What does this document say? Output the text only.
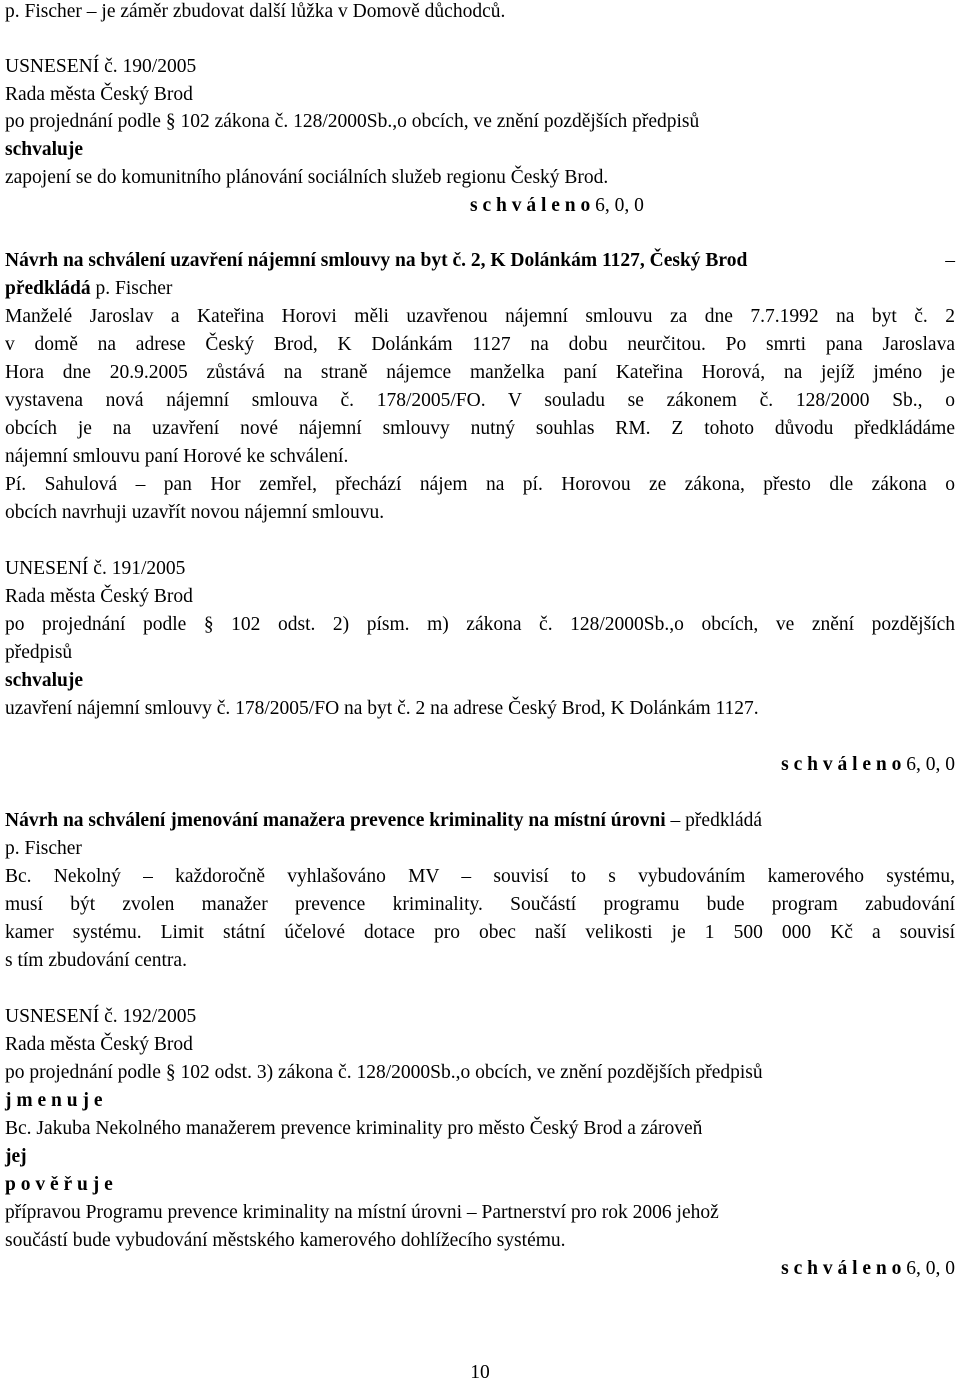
p. Fischer – je záměr zbudovat další lůžka v Domově důchodců.
USNESENÍ č. 190/2005
Rada města Český Brod
po projednání podle § 102 zákona č. 128/2000Sb.,o obcích, ve znění pozdějších předpisů
schvaluje
zapojení se do komunitního plánování sociálních služeb regionu Český Brod.
s c h v á l e n o 6, 0, 0
Návrh na schválení uzavření nájemní smlouvy na byt č. 2, K Dolánkám 1127, Český Brod	–
předkládá p. Fischer
Manželé Jaroslav a Kateřina Horovi měli uzavřenou nájemní smlouvu za dne 7.7.1992 na byt č. 2
v domě na adrese Český Brod, K Dolánkám 1127 na dobu neurčitou. Po smrti pana Jaroslava
Hora dne 20.9.2005 zůstává na straně nájemce manželka paní Kateřina Horová, na jejíž jméno je
vystavena nová nájemní smlouva č. 178/2005/FO. V souladu se zákonem č. 128/2000 Sb., o
obcích je na uzavření nové nájemní smlouvy nutný souhlas RM. Z tohoto důvodu předkládáme
nájemní smlouvu paní Horové ke schválení.
Pí. Sahulová – pan Hor zemřel, přechází nájem na pí. Horovou ze zákona, přesto dle zákona o
obcích navrhuji uzavřít novou nájemní smlouvu.
UNESENÍ č. 191/2005
Rada města Český Brod
po projednání podle § 102 odst. 2) písm. m) zákona č. 128/2000Sb.,o obcích, ve znění pozdějších
předpisů
schvaluje
uzavření nájemní smlouvy č. 178/2005/FO na byt č. 2 na adrese Český Brod, K Dolánkám 1127.
s c h v á l e n o 6, 0, 0
Návrh na schválení jmenování manažera prevence kriminality na místní úrovni – předkládá
p. Fischer
Bc. Nekolný – každoročně vyhlašováno MV – souvisí to s vybudováním kamerového systému,
musí být zvolen manažer prevence kriminality. Součástí programu bude program zabudování
kamer systému. Limit státní účelové dotace pro obec naší velikosti je 1 500 000 Kč a souvisí
s tím zbudování centra.
USNESENÍ č. 192/2005
Rada města Český Brod
po projednání podle § 102 odst. 3) zákona č. 128/2000Sb.,o obcích, ve znění pozdějších předpisů
j m e n u j e
Bc. Jakuba Nekolného manažerem prevence kriminality pro město Český Brod a zároveň
jej
p o v ě ř u j e
přípravou Programu prevence kriminality na místní úrovni – Partnerství pro rok 2006 jehož
součástí bude vybudování městského kamerového dohlížecího systému.
s c h v á l e n o 6, 0, 0
10
